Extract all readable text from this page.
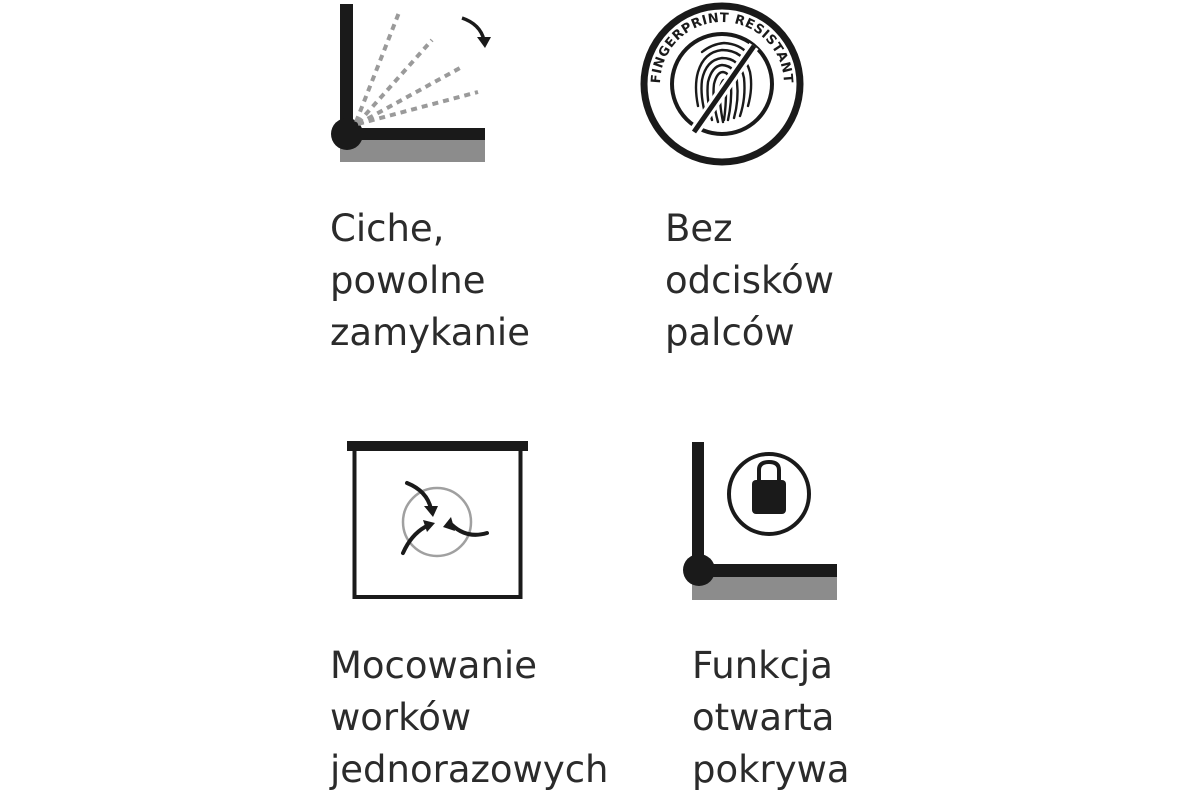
Ciche,
powolne
zamykanie

FINGERPRINT RESISTANT

Bez
odcisków
palców

Mocowanie
worków
jednorazowych

Funkcja
otwarta
pokrywa
